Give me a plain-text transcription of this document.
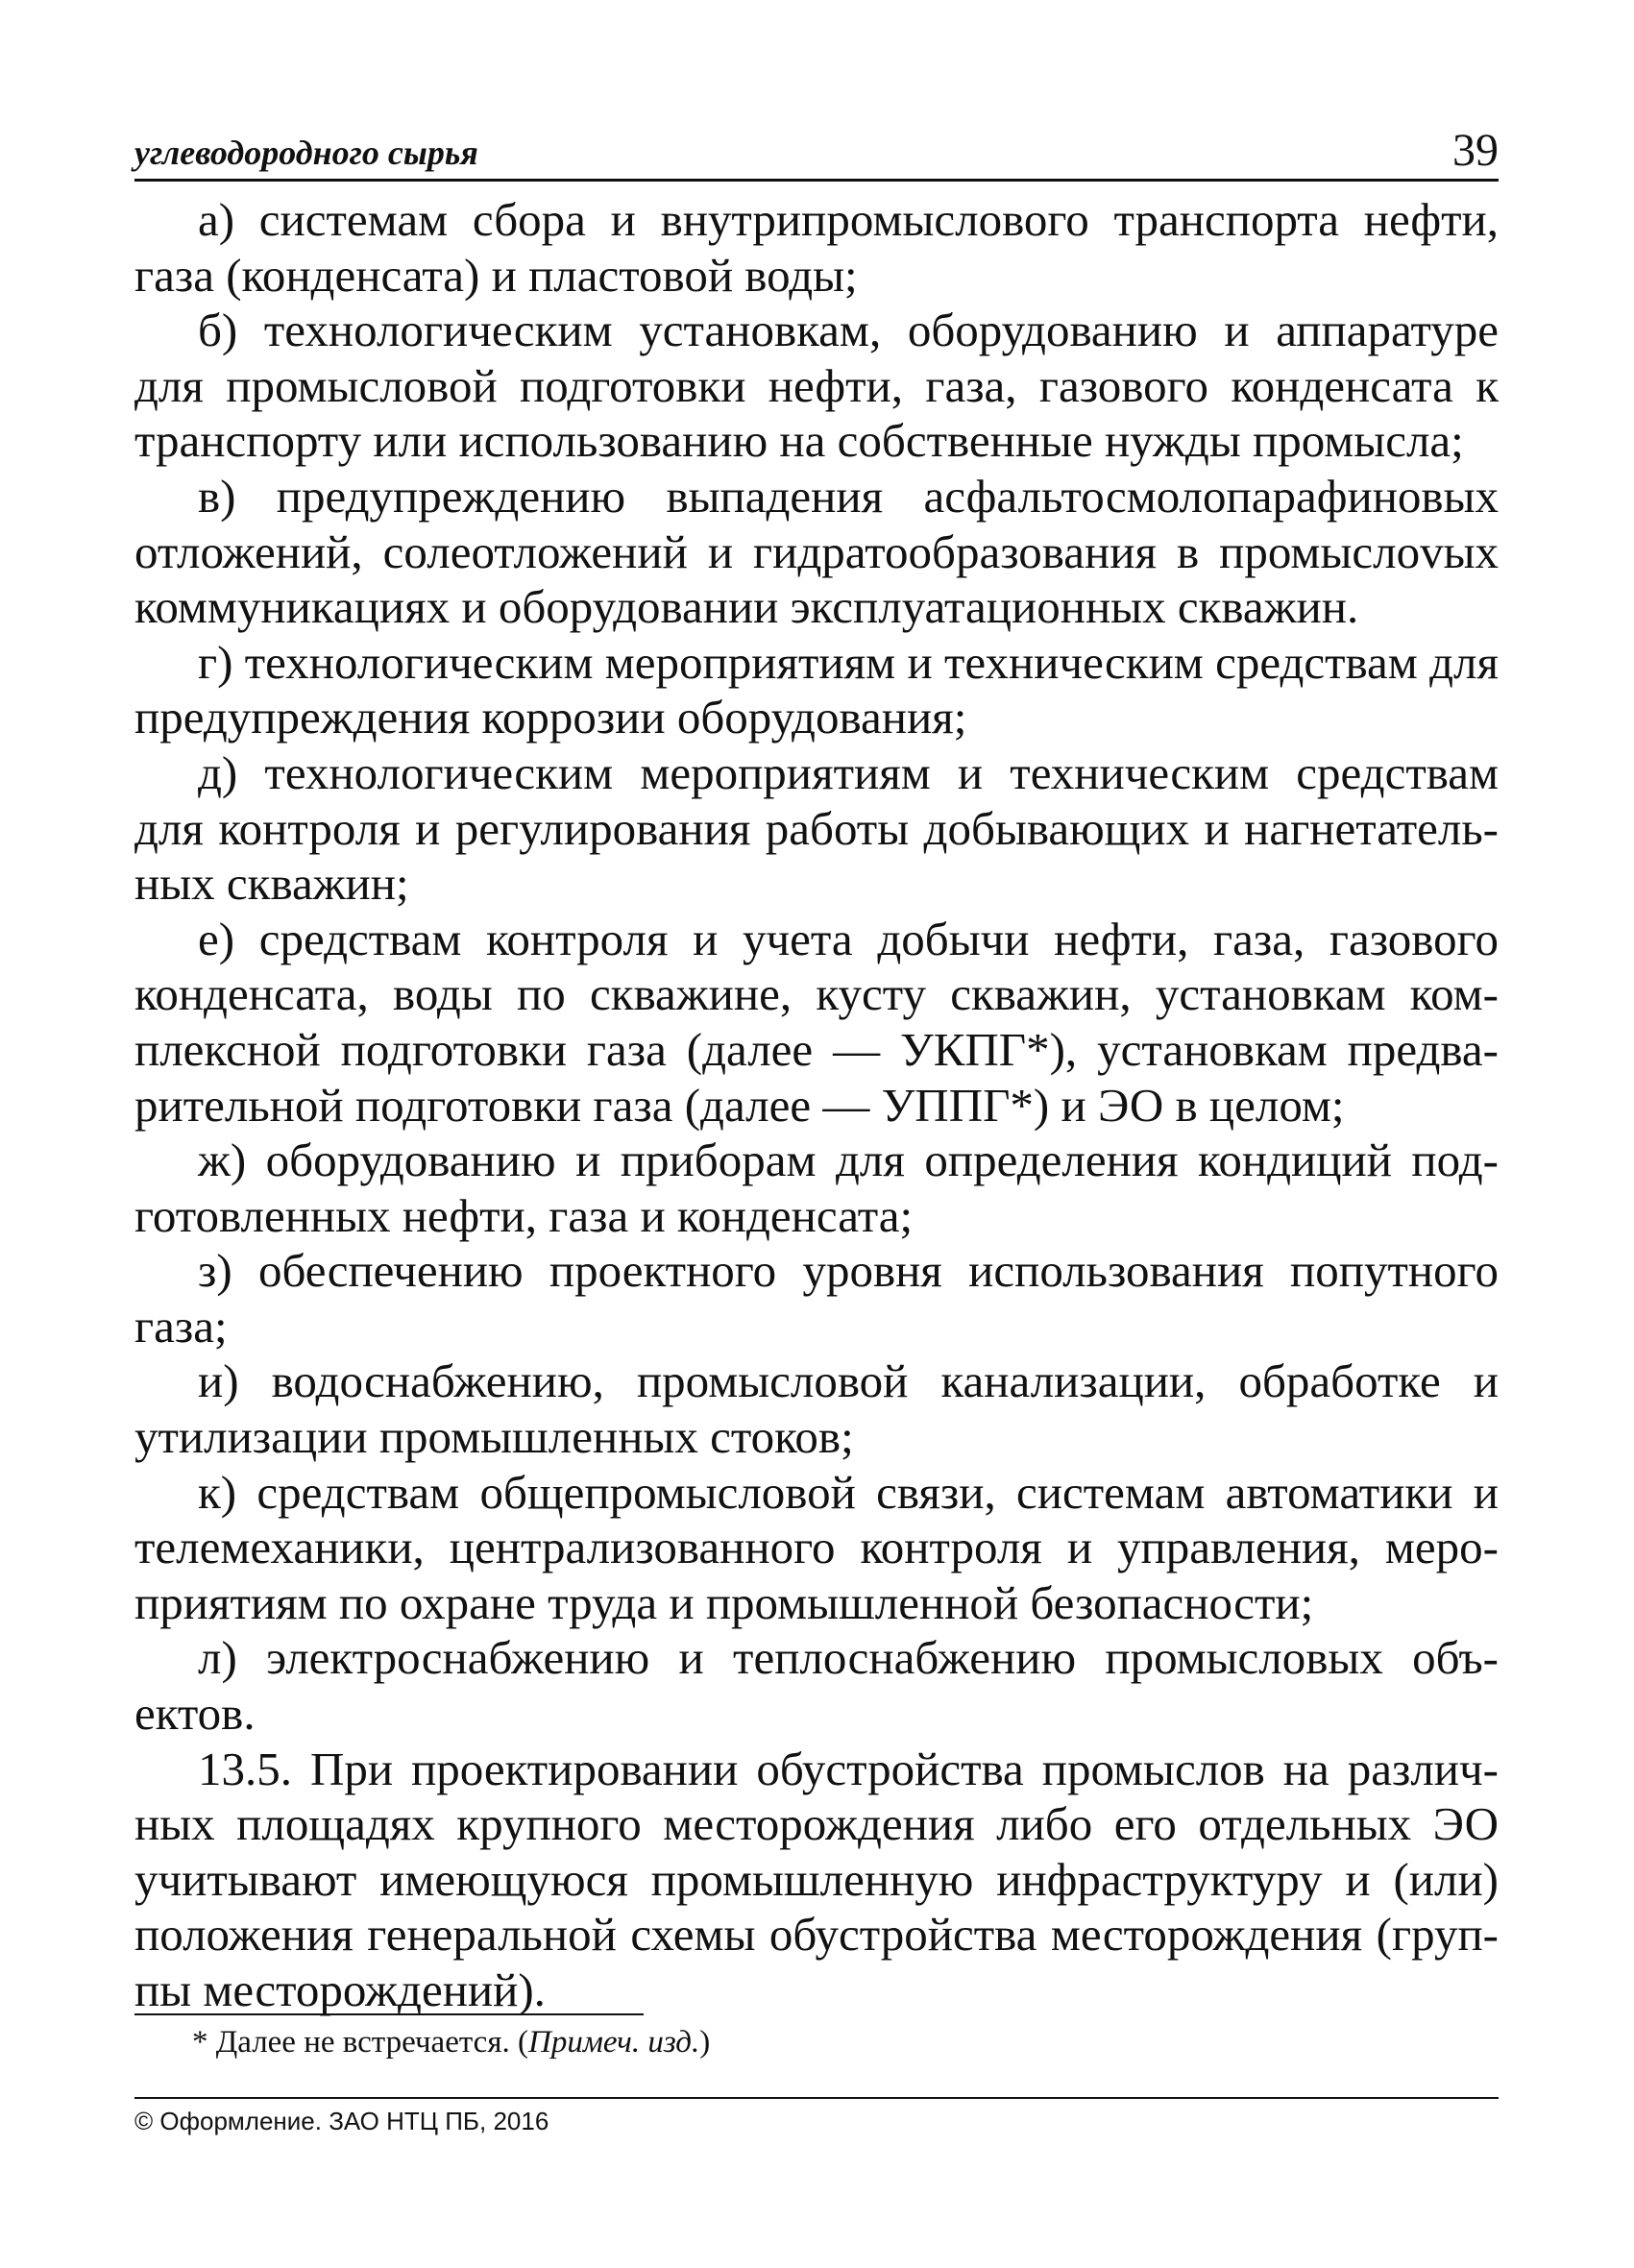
углеводородного сырья	39

а) системам сбора и внутрипромыслового транспорта нефти, газа (конденсата) и пластовой воды;

б) технологическим установкам, оборудованию и аппаратуре для промысловой подготовки нефти, газа, газового конденсата к транспорту или использованию на собственные нужды промысла;

в) предупреждению выпадения асфальтосмолопарафиновых отложений, солеотложений и гидратообразования в промыслоvых коммуникациях и оборудовании эксплуатационных скважин.

г) технологическим мероприятиям и техническим средствам для предупреждения коррозии оборудования;

д) технологическим мероприятиям и техническим средствам для контроля и регулирования работы добывающих и нагнетательных скважин;

е) средствам контроля и учета добычи нефти, газа, газового конденсата, воды по скважине, кусту скважин, установкам комплексной подготовки газа (далее — УКПГ*), установкам предварительной подготовки газа (далее — УППГ*) и ЭО в целом;

ж) оборудованию и приборам для определения кондиций подготовленных нефти, газа и конденсата;

з) обеспечению проектного уровня использования попутного газа;

и) водоснабжению, промысловой канализации, обработке и утилизации промышленных стоков;

к) средствам общепромысловой связи, системам автоматики и телемеханики, централизованного контроля и управления, мероприятиям по охране труда и промышленной безопасности;

л) электроснабжению и теплоснабжению промысловых объектов.

13.5. При проектировании обустройства промыслов на различных площадях крупного месторождения либо его отдельных ЭО учитывают имеющуюся промышленную инфраструктуру и (или) положения генеральной схемы обустройства месторождения (группы месторождений).

* Далее не встречается. (Примеч. изд.)
© Оформление. ЗАО НТЦ ПБ, 2016
